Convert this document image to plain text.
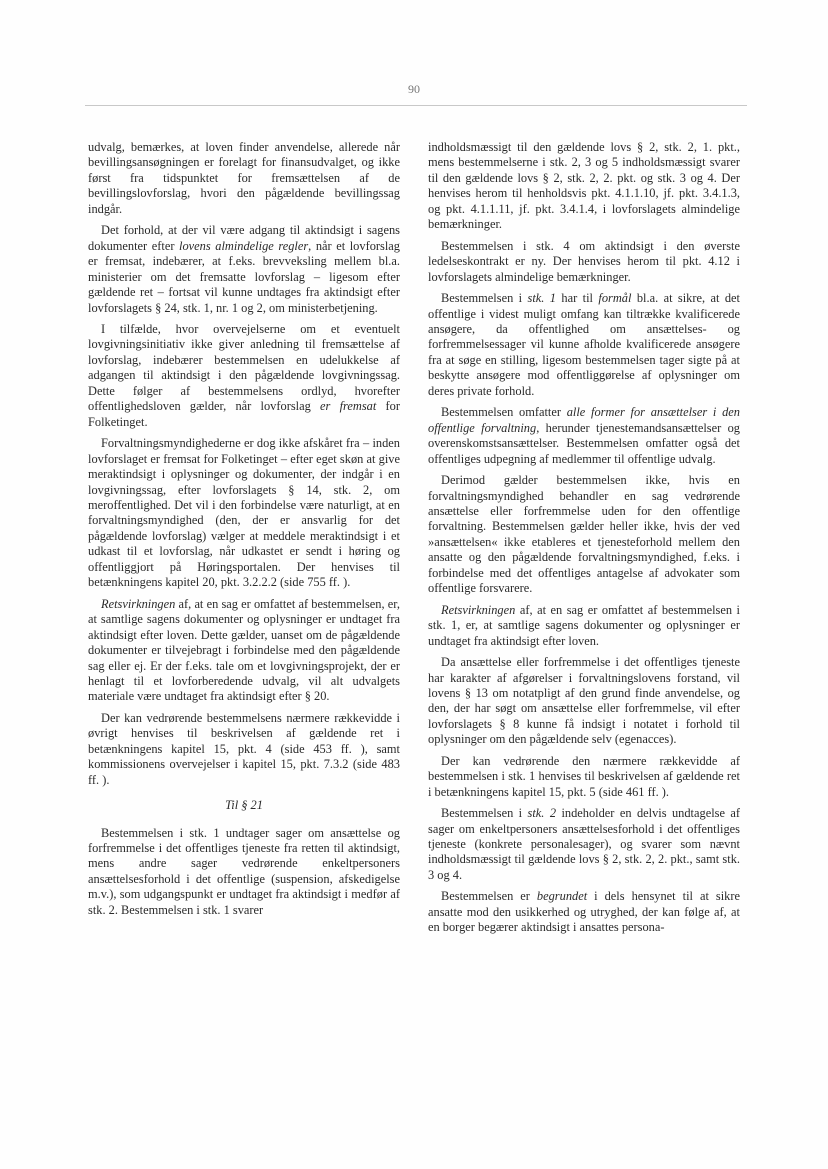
90

udvalg, bemærkes, at loven finder anvendelse, allerede når bevillingsansøgningen er forelagt for finansudvalget, og ikke først fra tidspunktet for fremsættelsen af de bevillingslovforslag, hvori den pågældende bevillingssag indgår.

Det forhold, at der vil være adgang til aktindsigt i sagens dokumenter efter lovens almindelige regler, når et lovforslag er fremsat, indebærer, at f.eks. brevveksling mellem bl.a. ministerier om det fremsatte lovforslag – ligesom efter gældende ret – fortsat vil kunne undtages fra aktindsigt efter lovforslagets § 24, stk. 1, nr. 1 og 2, om ministerbetjening.

I tilfælde, hvor overvejelserne om et eventuelt lovgivningsinitiativ ikke giver anledning til fremsættelse af lovforslag, indebærer bestemmelsen en udelukkelse af adgangen til aktindsigt i den pågældende lovgivningssag. Dette følger af bestemmelsens ordlyd, hvorefter offentlighedsloven gælder, når lovforslag er fremsat for Folketinget.

Forvaltningsmyndighederne er dog ikke afskåret fra – inden lovforslaget er fremsat for Folketinget – efter eget skøn at give meraktindsigt i oplysninger og dokumenter, der indgår i en lovgivningssag, efter lovforslagets § 14, stk. 2, om meroffentlighed. Det vil i den forbindelse være naturligt, at en forvaltningsmyndighed (den, der er ansvarlig for det pågældende lovforslag) vælger at meddele meraktindsigt i et udkast til et lovforslag, når udkastet er sendt i høring og offentliggjort på Høringsportalen. Der henvises til betænkningens kapitel 20, pkt. 3.2.2.2 (side 755 ff. ).

Retsvirkningen af, at en sag er omfattet af bestemmelsen, er, at samtlige sagens dokumenter og oplysninger er undtaget fra aktindsigt efter loven. Dette gælder, uanset om de pågældende dokumenter er tilvejebragt i forbindelse med den pågældende sag eller ej. Er der f.eks. tale om et lovgivningsprojekt, der er henlagt til et lovforberedende udvalg, vil alt udvalgets materiale være undtaget fra aktindsigt efter § 20.

Der kan vedrørende bestemmelsens nærmere rækkevidde i øvrigt henvises til beskrivelsen af gældende ret i betænkningens kapitel 15, pkt. 4 (side 453 ff. ), samt kommissionens overvejelser i kapitel 15, pkt. 7.3.2 (side 483 ff. ).

Til § 21

Bestemmelsen i stk. 1 undtager sager om ansættelse og forfremmelse i det offentliges tjeneste fra retten til aktindsigt, mens andre sager vedrørende enkeltpersoners ansættelsesforhold i det offentlige (suspension, afskedigelse m.v.), som udgangspunkt er undtaget fra aktindsigt i medfør af stk. 2. Bestemmelsen i stk. 1 svarer

indholdsmæssigt til den gældende lovs § 2, stk. 2, 1. pkt., mens bestemmelserne i stk. 2, 3 og 5 indholdsmæssigt svarer til den gældende lovs § 2, stk. 2, 2. pkt. og stk. 3 og 4. Der henvises herom til henholdsvis pkt. 4.1.1.10, jf. pkt. 3.4.1.3, og pkt. 4.1.1.11, jf. pkt. 3.4.1.4, i lovforslagets almindelige bemærkninger.

Bestemmelsen i stk. 4 om aktindsigt i den øverste ledelseskontrakt er ny. Der henvises herom til pkt. 4.12 i lovforslagets almindelige bemærkninger.

Bestemmelsen i stk. 1 har til formål bl.a. at sikre, at det offentlige i videst muligt omfang kan tiltrække kvalificerede ansøgere, da offentlighed om ansættelses- og forfremmelsessager vil kunne afholde kvalificerede ansøgere fra at søge en stilling, ligesom bestemmelsen tager sigte på at beskytte ansøgere mod offentliggørelse af oplysninger om deres private forhold.

Bestemmelsen omfatter alle former for ansættelser i den offentlige forvaltning, herunder tjenestemandsansættelser og overenskomstsansættelser. Bestemmelsen omfatter også det offentliges udpegning af medlemmer til offentlige udvalg.

Derimod gælder bestemmelsen ikke, hvis en forvaltningsmyndighed behandler en sag vedrørende ansættelse eller forfremmelse uden for den offentlige forvaltning. Bestemmelsen gælder heller ikke, hvis der ved »ansættelsen« ikke etableres et tjenesteforhold mellem den ansatte og den pågældende forvaltningsmyndighed, f.eks. i forbindelse med det offentliges antagelse af advokater som offentlige forsvarere.

Retsvirkningen af, at en sag er omfattet af bestemmelsen i stk. 1, er, at samtlige sagens dokumenter og oplysninger er undtaget fra aktindsigt efter loven.

Da ansættelse eller forfremmelse i det offentliges tjeneste har karakter af afgørelser i forvaltningslovens forstand, vil lovens § 13 om notatpligt af den grund finde anvendelse, og den, der har søgt om ansættelse eller forfremmelse, vil efter lovforslagets § 8 kunne få indsigt i notatet i forhold til oplysninger om den pågældende selv (egenacces).

Der kan vedrørende den nærmere rækkevidde af bestemmelsen i stk. 1 henvises til beskrivelsen af gældende ret i betænkningens kapitel 15, pkt. 5 (side 461 ff. ).

Bestemmelsen i stk. 2 indeholder en delvis undtagelse af sager om enkeltpersoners ansættelsesforhold i det offentliges tjeneste (konkrete personalesager), og svarer som nævnt indholdsmæssigt til gældende lovs § 2, stk. 2, 2. pkt., samt stk. 3 og 4.

Bestemmelsen er begrundet i dels hensynet til at sikre ansatte mod den usikkerhed og utryghed, der kan følge af, at en borger begærer aktindsigt i ansattes persona-
